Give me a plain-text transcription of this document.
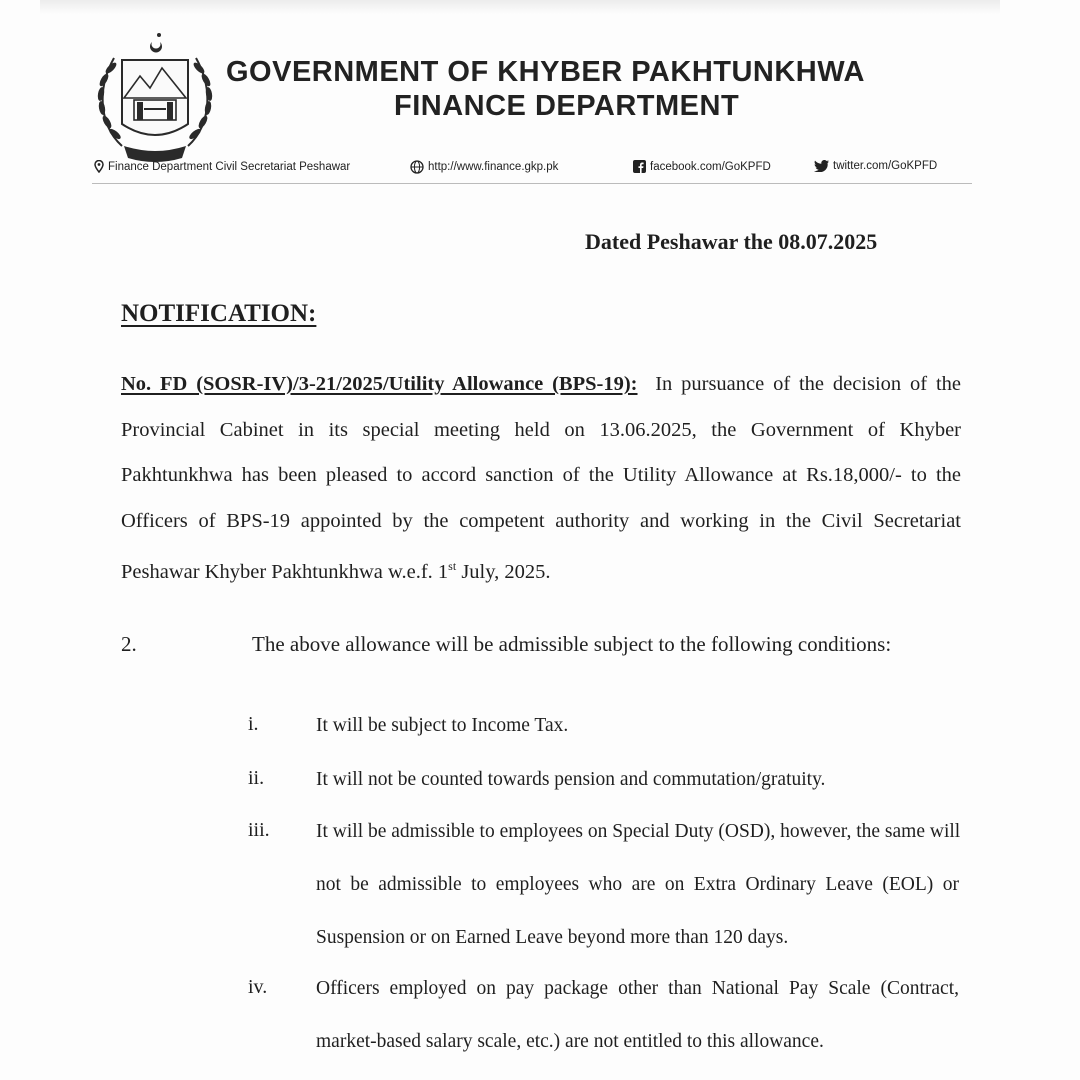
GOVERNMENT OF KHYBER PAKHTUNKHWA
FINANCE DEPARTMENT
Finance Department Civil Secretariat Peshawar	http://www.finance.gkp.pk	facebook.com/GoKPFD	twitter.com/GoKPFD
Dated Peshawar the 08.07.2025
NOTIFICATION:
No. FD (SOSR-IV)/3-21/2025/Utility Allowance (BPS-19): In pursuance of the decision of the
Provincial Cabinet in its special meeting held on 13.06.2025, the Government of Khyber
Pakhtunkhwa has been pleased to accord sanction of the Utility Allowance at Rs.18,000/- to the
Officers of BPS-19 appointed by the competent authority and working in the Civil Secretariat
Peshawar Khyber Pakhtunkhwa w.e.f. 1st July, 2025.
2.	The above allowance will be admissible subject to the following conditions:
i.	It will be subject to Income Tax.
ii.	It will not be counted towards pension and commutation/gratuity.
iii. It will be admissible to employees on Special Duty (OSD), however, the same will
not be admissible to employees who are on Extra Ordinary Leave (EOL) or
Suspension or on Earned Leave beyond more than 120 days.
iv. Officers employed on pay package other than National Pay Scale (Contract,
market-based salary scale, etc.) are not entitled to this allowance.
